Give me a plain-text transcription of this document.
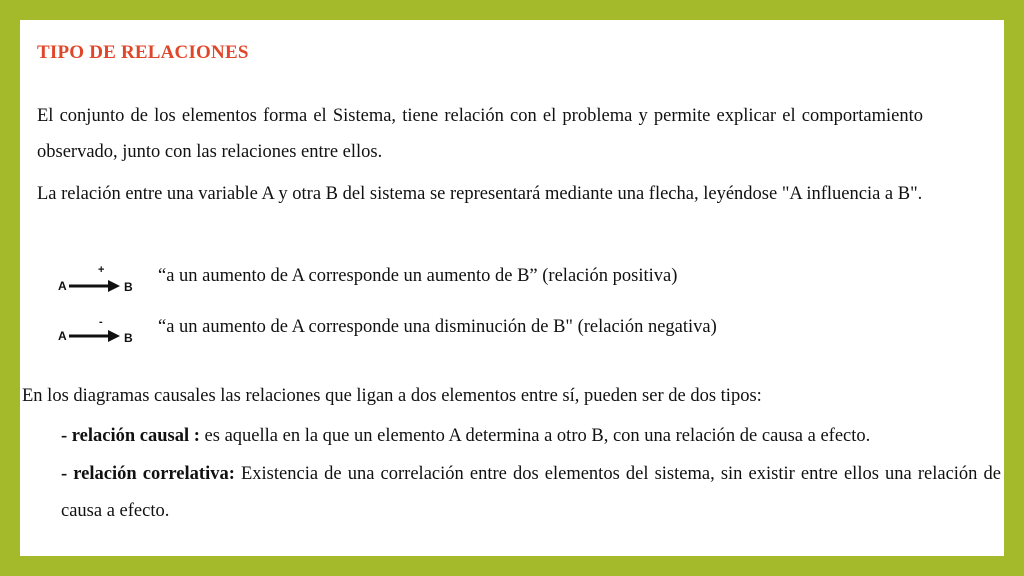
TIPO DE RELACIONES
El conjunto de los elementos forma el Sistema, tiene relación con el problema y permite explicar el comportamiento observado, junto con las relaciones entre ellos.
La relación entre una variable A y otra B del sistema se representará mediante una flecha, leyéndose "A influencia a B".
A
+
B
“a un aumento de A corresponde un aumento de B” (relación positiva)
A
-
B
“a un aumento de A corresponde una disminución de B" (relación negativa)
En los diagramas causales las relaciones que ligan a dos elementos entre sí, pueden ser de dos tipos:
- relación causal : es aquella en la que un elemento A determina a otro B, con una relación de causa a efecto.
- relación correlativa: Existencia de una correlación entre dos elementos del sistema, sin existir entre ellos una relación de causa a efecto.
